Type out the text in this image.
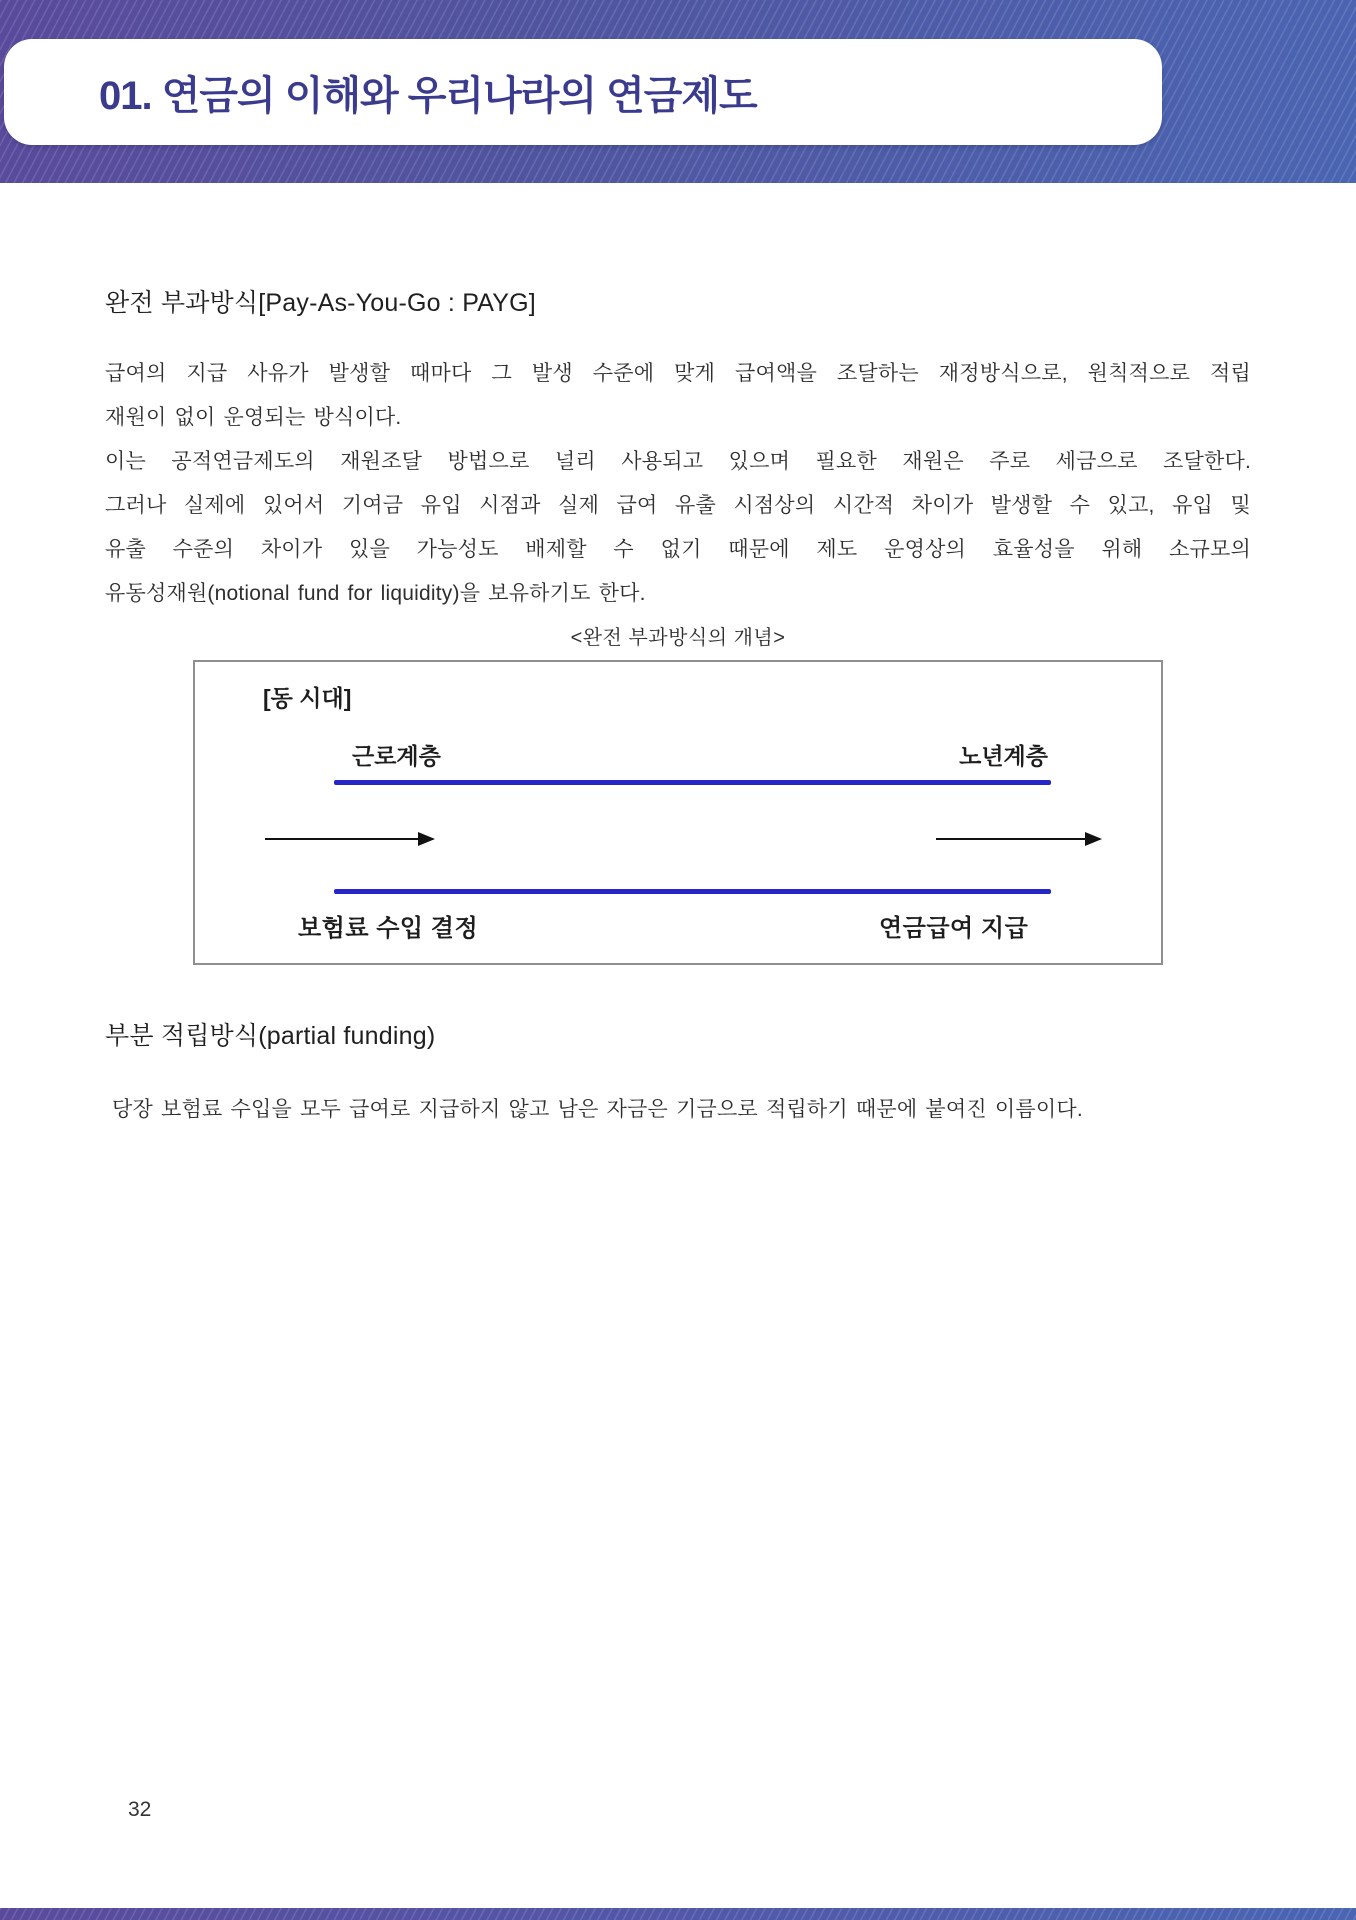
01. 연금의 이해와 우리나라의 연금제도
완전 부과방식[Pay-As-You-Go : PAYG]
급여의 지급 사유가 발생할 때마다 그 발생 수준에 맞게 급여액을 조달하는 재정방식으로, 원칙적으로 적립
재원이 없이 운영되는 방식이다.
이는 공적연금제도의 재원조달 방법으로 널리 사용되고 있으며 필요한 재원은 주로 세금으로 조달한다.
그러나 실제에 있어서 기여금 유입 시점과 실제 급여 유출 시점상의 시간적 차이가 발생할 수 있고, 유입 및
유출 수준의 차이가 있을 가능성도 배제할 수 없기 때문에 제도 운영상의 효율성을 위해 소규모의
유동성재원(notional fund for liquidity)을 보유하기도 한다.
<완전 부과방식의 개념>
[동 시대]
근로계층	노년계층
보험료 수입 결정	연금급여 지급
부분 적립방식(partial funding)
당장 보험료 수입을 모두 급여로 지급하지 않고 남은 자금은 기금으로 적립하기 때문에 붙여진 이름이다.
32
